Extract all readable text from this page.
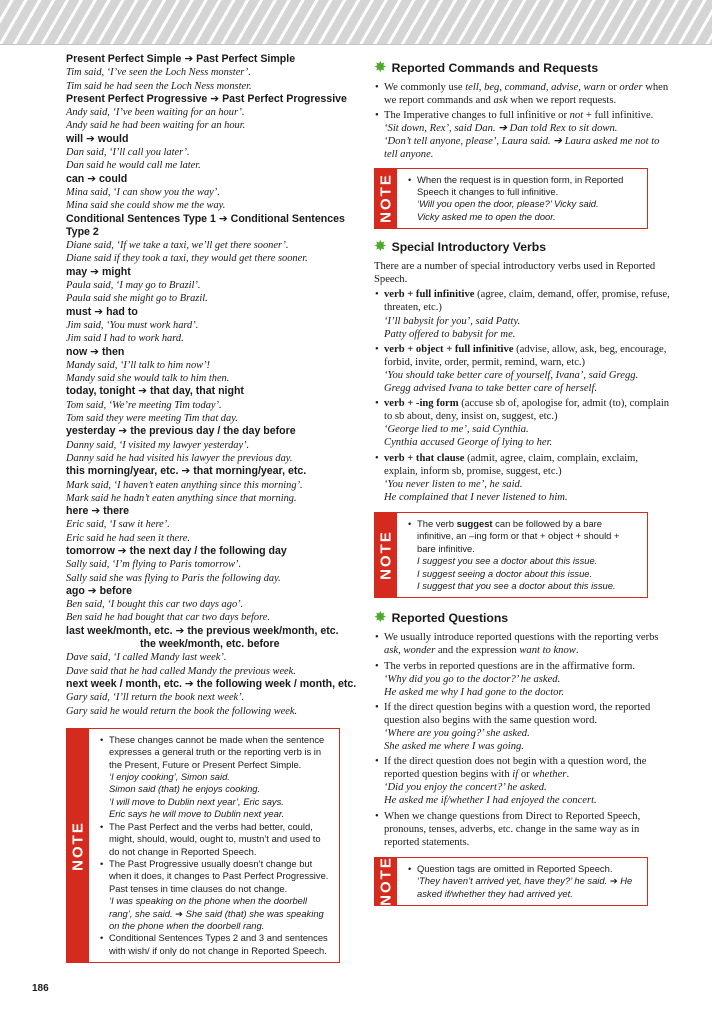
Present Perfect Simple ➔ Past Perfect Simple

Tim said, ‘I’ve seen the Loch Ness monster’.

Tim said he had seen the Loch Ness monster.

Present Perfect Progressive ➔ Past Perfect Progressive

Andy said, ‘I’ve been waiting for an hour’.

Andy said he had been waiting for an hour.

will ➔ would

Dan said, ‘I’ll call you later’.

Dan said he would call me later.

can ➔ could

Mina said, ‘I can show you the way’.

Mina said she could show me the way.

Conditional Sentences Type 1 ➔ Conditional Sentences Type 2

Diane said, ‘If we take a taxi, we’ll get there sooner’.

Diane said if they took a taxi, they would get there sooner.

may ➔ might

Paula said, ‘I may go to Brazil’.

Paula said she might go to Brazil.

must ➔ had to

Jim said, ‘You must work hard’.

Jim said I had to work hard.

now ➔ then

Mandy said, ‘I’ll talk to him now’!

Mandy said she would talk to him then.

today, tonight ➔ that day, that night

Tom said, ‘We’re meeting Tim today’.

Tom said they were meeting Tim that day.

yesterday ➔ the previous day / the day before

Danny said, ‘I visited my lawyer yesterday’.

Danny said he had visited his lawyer the previous day.

this morning/year, etc. ➔ that morning/year, etc.

Mark said, ‘I haven’t eaten anything since this morning’.

Mark said he hadn’t eaten anything since that morning.

here ➔ there

Eric said, ‘I saw it here’.

Eric said he had seen it there.

tomorrow ➔ the next day / the following day

Sally said, ‘I’m flying to Paris tomorrow’.

Sally said she was flying to Paris the following day.

ago ➔ before

Ben said, ‘I bought this car two days ago’.

Ben said he had bought that car two days before.

last week/month, etc. ➔ the previous week/month, etc.

the week/month, etc. before

Dave said, ‘I called Mandy last week’.

Dave said that he had called Mandy the previous week.

next week / month, etc. ➔ the following week / month, etc.

Gary said, ‘I’ll return the book next week’.

Gary said he would return the book the following week.

NOTE
• These changes cannot be made when the sentence expresses a general truth or the reporting verb is in the Present, Future or Present Perfect Simple.
‘I enjoy cooking’, Simon said.
Simon said (that) he enjoys cooking.
‘I will move to Dublin next year’, Eric says.
Eric says he will move to Dublin next year.
• The Past Perfect and the verbs had better, could, might, should, would, ought to, mustn’t and used to do not change in Reported Speech.
• The Past Progressive usually doesn’t change but when it does, it changes to Past Perfect Progressive. Past tenses in time clauses do not change.
‘I was speaking on the phone when the doorbell rang’, she said. ➔ She said (that) she was speaking on the phone when the doorbell rang.
• Conditional Sentences Types 2 and 3 and sentences with wish/ if only do not change in Reported Speech.
✸ Reported Commands and Requests
• We commonly use tell, beg, command, advise, warn or order when we report commands and ask when we report requests.
• The Imperative changes to full infinitive or not + full infinitive.
‘Sit down, Rex’, said Dan. ➔ Dan told Rex to sit down.
‘Don’t tell anyone, please’, Laura said. ➔ Laura asked me not to tell anyone.
NOTE • When the request is in question form, in Reported Speech it changes to full infinitive.
‘Will you open the door, please?’ Vicky said.
Vicky asked me to open the door.
✸ Special Introductory Verbs

There are a number of special introductory verbs used in Reported Speech.

• verb + full infinitive (agree, claim, demand, offer, promise, refuse, threaten, etc.)
‘I’ll babysit for you’, said Patty.
Patty offered to babysit for me.
• verb + object + full infinitive (advise, allow, ask, beg, encourage, forbid, invite, order, permit, remind, warn, etc.)
‘You should take better care of yourself, Ivana’, said Gregg.
Gregg advised Ivana to take better care of herself.
• verb + -ing form (accuse sb of, apologise for, admit (to), complain to sb about, deny, insist on, suggest, etc.)
‘George lied to me’, said Cynthia.
Cynthia accused George of lying to her.
• verb + that clause (admit, agree, claim, complain, exclaim, explain, inform sb, promise, suggest, etc.)
‘You never listen to me’, he said.
He complained that I never listened to him.
NOTE
• The verb suggest can be followed by a bare infinitive, an –ing form or that + object + should + bare infinitive.
I suggest you see a doctor about this issue.
I suggest seeing a doctor about this issue.
I suggest that you see a doctor about this issue.
✸ Reported Questions
• We usually introduce reported questions with the reporting verbs ask, wonder and the expression want to know.
• The verbs in reported questions are in the affirmative form.
‘Why did you go to the doctor?’ he asked.
He asked me why I had gone to the doctor.
• If the direct question begins with a question word, the reported question also begins with the same question word.
‘Where are you going?’ she asked.
She asked me where I was going.
• If the direct question does not begin with a question word, the reported question begins with if or whether.
‘Did you enjoy the concert?’ he asked.
He asked me if/whether I had enjoyed the concert.
• When we change questions from Direct to Reported Speech, pronouns, tenses, adverbs, etc. change in the same way as in reported statements.
NOTE • Question tags are omitted in Reported Speech.
‘They haven’t arrived yet, have they?’ he said. ➔ He asked if/whether they had arrived yet.
186
